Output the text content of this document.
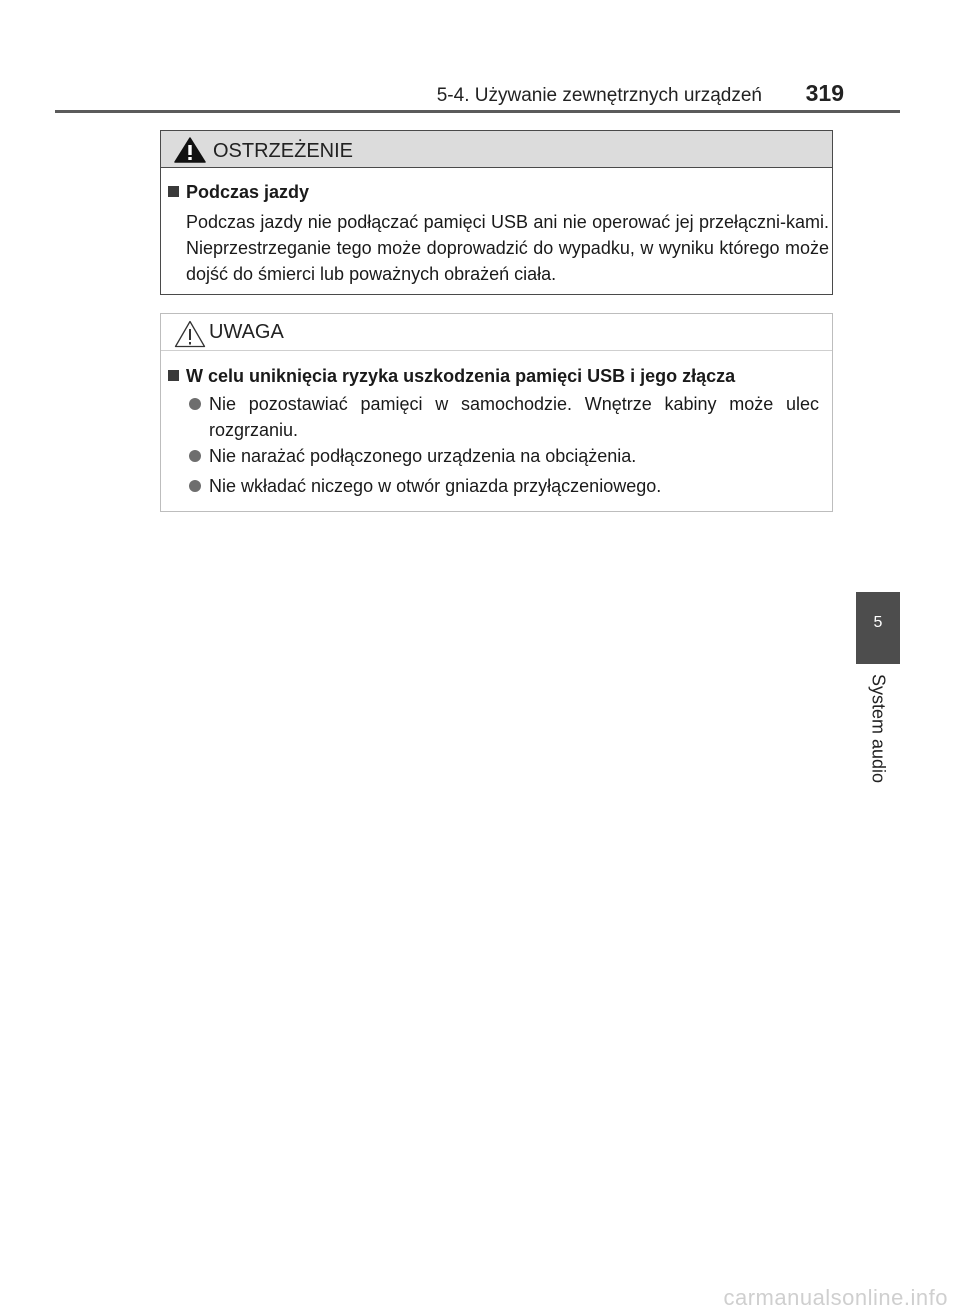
5-4. Używanie zewnętrznych urządzeń 319
OSTRZEŻENIE
Podczas jazdy
Podczas jazdy nie podłączać pamięci USB ani nie operować jej przełączni-kami. Nieprzestrzeganie tego może doprowadzić do wypadku, w wyniku którego może dojść do śmierci lub poważnych obrażeń ciała.
UWAGA
W celu uniknięcia ryzyka uszkodzenia pamięci USB i jego złącza
Nie pozostawiać pamięci w samochodzie. Wnętrze kabiny może ulec rozgrzaniu.
Nie narażać podłączonego urządzenia na obciążenia.
Nie wkładać niczego w otwór gniazda przyłączeniowego.
5
System audio
carmanualsonline.info
